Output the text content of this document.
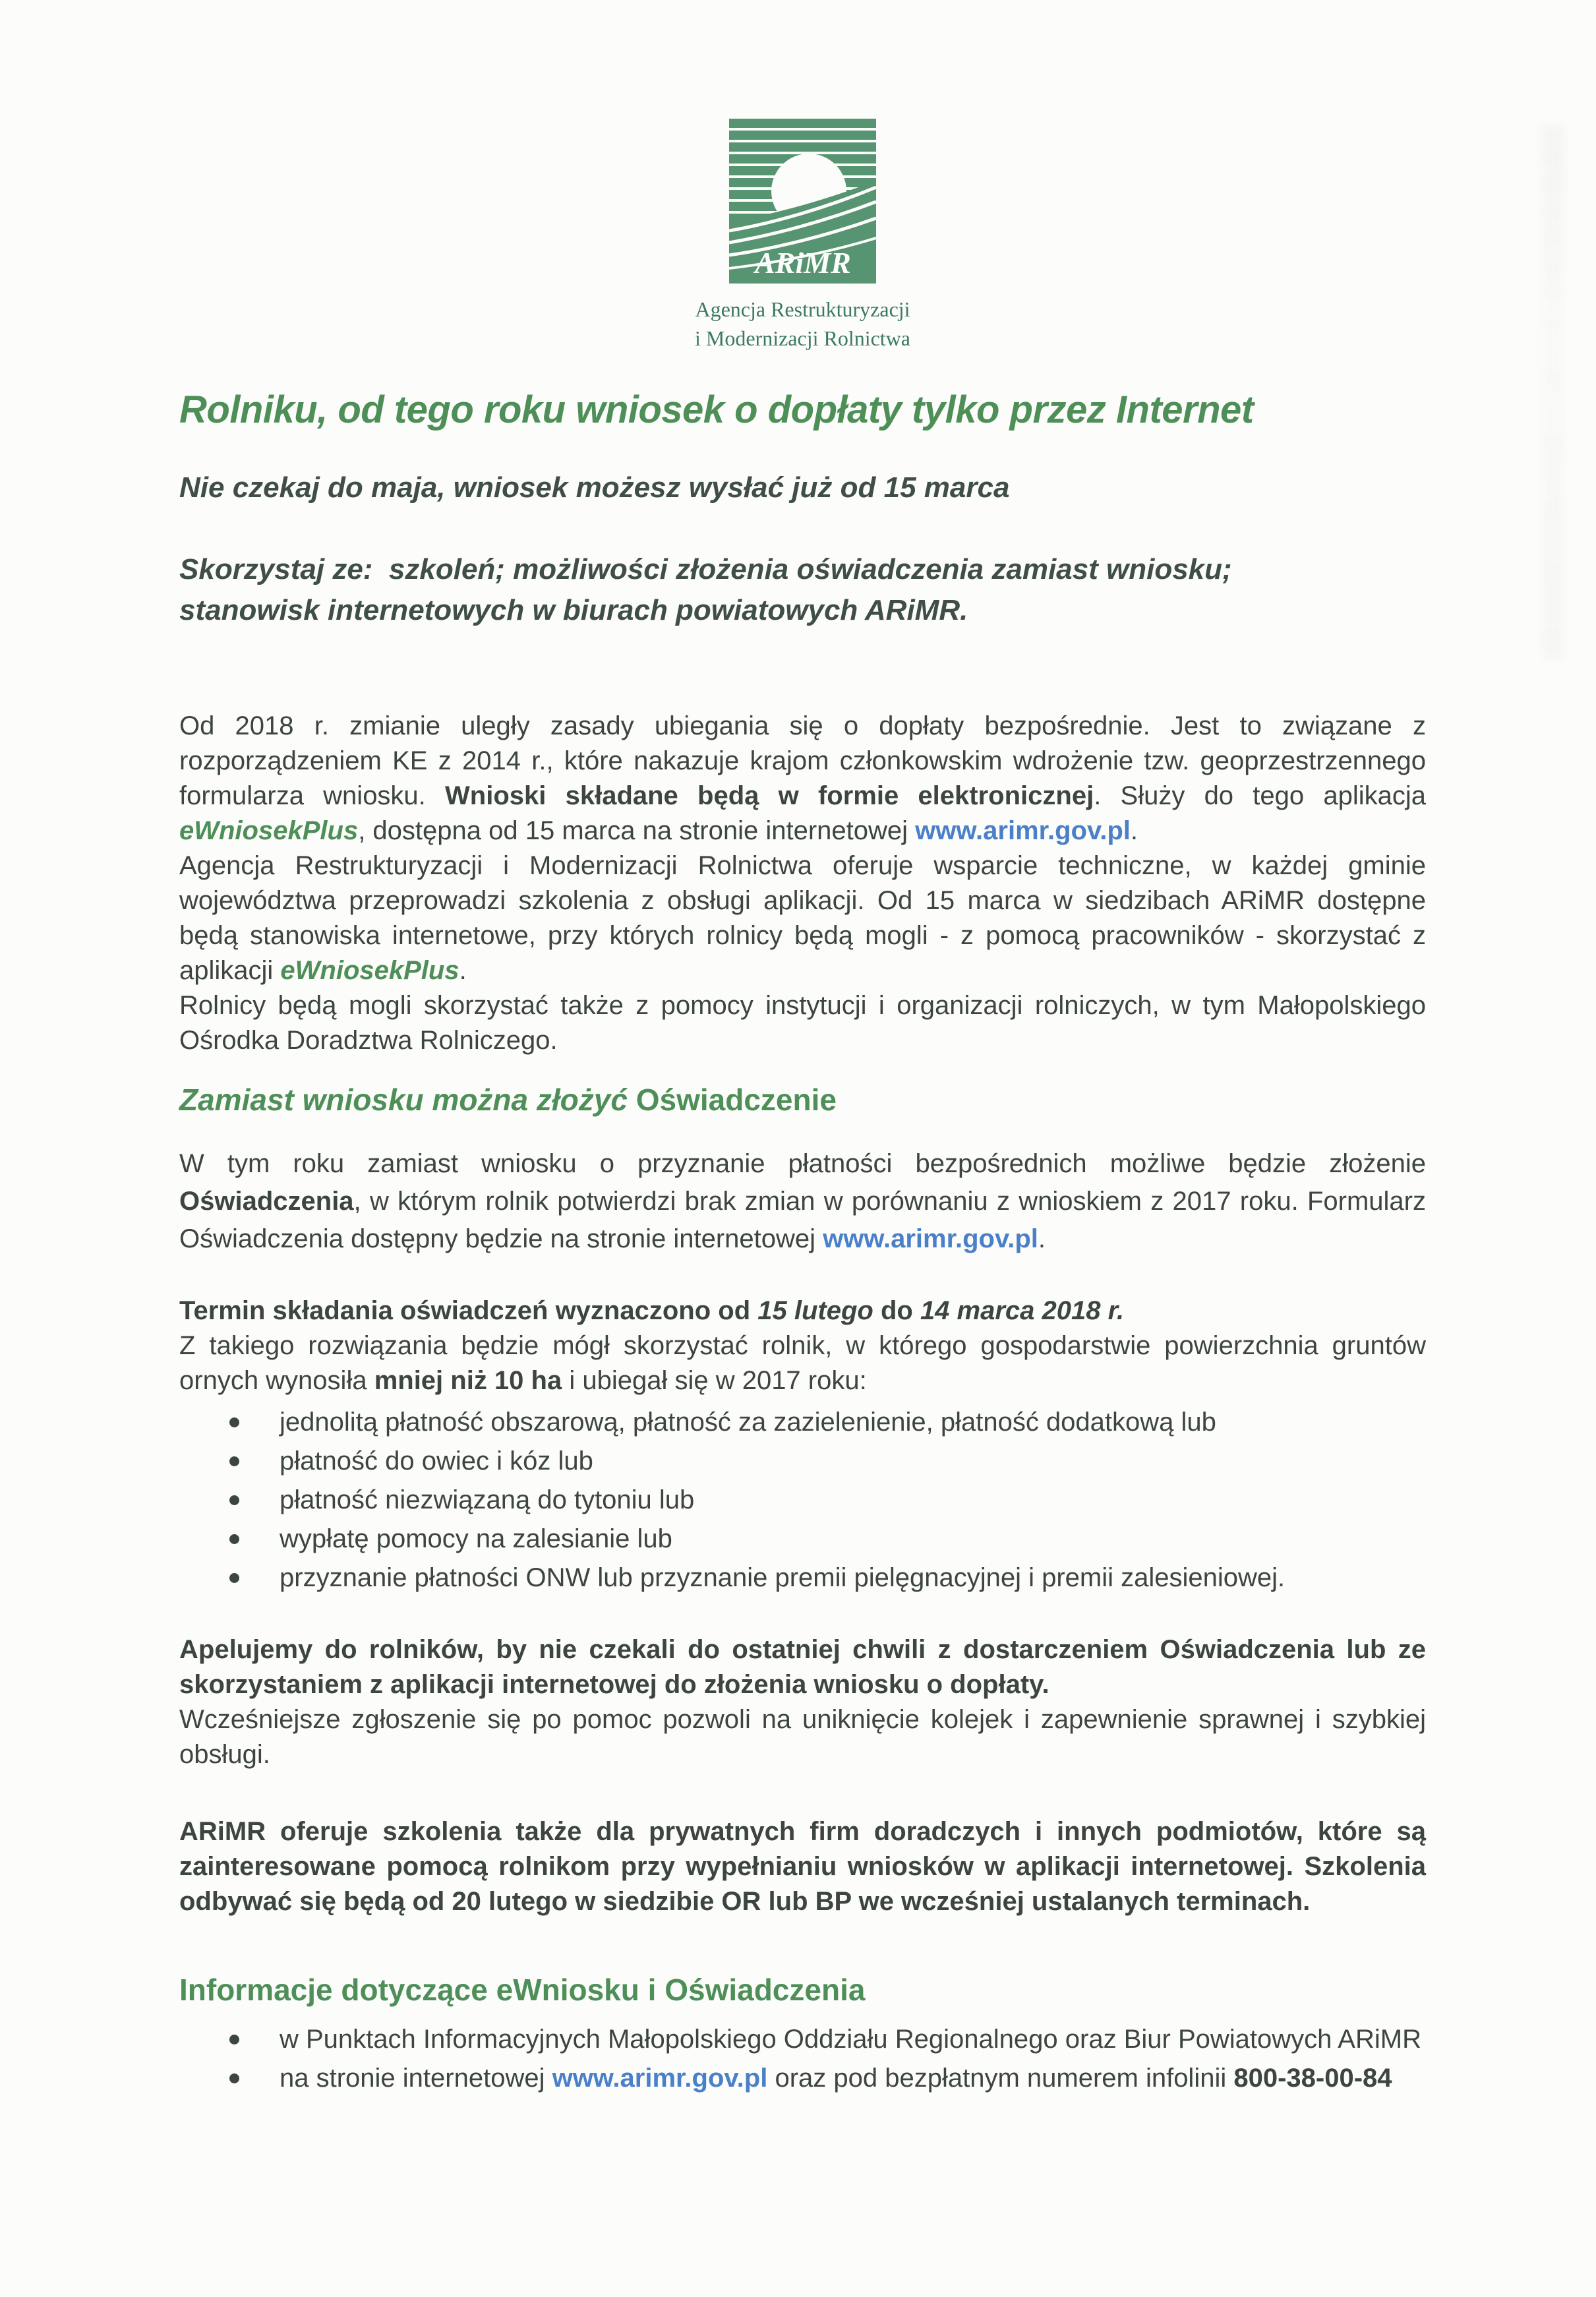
ARiMR
Agencja Restrukturyzacji
i Modernizacji Rolnictwa
Rolniku, od tego roku wniosek o dopłaty tylko przez Internet

Nie czekaj do maja, wniosek możesz wysłać już od 15 marca

Skorzystaj ze:  szkoleń; możliwości złożenia oświadczenia zamiast wniosku;
stanowisk internetowych w biurach powiatowych ARiMR.

Od 2018 r. zmianie uległy zasady ubiegania się o dopłaty bezpośrednie. Jest to związane z rozporządzeniem KE z 2014 r., które nakazuje krajom członkowskim wdrożenie tzw. geoprzestrzennego formularza wniosku. Wnioski składane będą w formie elektronicznej. Służy do tego aplikacja eWniosekPlus, dostępna od 15 marca na stronie internetowej www.arimr.gov.pl.

Agencja Restrukturyzacji i Modernizacji Rolnictwa oferuje wsparcie techniczne, w każdej gminie województwa przeprowadzi szkolenia z obsługi aplikacji. Od 15 marca w siedzibach ARiMR dostępne będą stanowiska internetowe, przy których rolnicy będą mogli - z pomocą pracowników - skorzystać z aplikacji eWniosekPlus.

Rolnicy będą mogli skorzystać także z pomocy instytucji i organizacji rolniczych, w tym Małopolskiego Ośrodka Doradztwa Rolniczego.

Zamiast wniosku można złożyć Oświadczenie

W tym roku zamiast wniosku o przyznanie płatności bezpośrednich możliwe będzie złożenie Oświadczenia, w którym rolnik potwierdzi brak zmian w porównaniu z wnioskiem z 2017 roku. Formularz Oświadczenia dostępny będzie na stronie internetowej www.arimr.gov.pl.

Termin składania oświadczeń wyznaczono od 15 lutego do 14 marca 2018 r.

Z takiego rozwiązania będzie mógł skorzystać rolnik, w którego gospodarstwie powierzchnia gruntów ornych wynosiła mniej niż 10 ha i ubiegał się w 2017 roku:

jednolitą płatność obszarową, płatność za zazielenienie, płatność dodatkową lub
płatność do owiec i kóz lub
płatność niezwiązaną do tytoniu lub
wypłatę pomocy na zalesianie lub
przyznanie płatności ONW lub przyznanie premii pielęgnacyjnej i premii zalesieniowej.

Apelujemy do rolników, by nie czekali do ostatniej chwili z dostarczeniem Oświadczenia lub ze skorzystaniem z aplikacji internetowej do złożenia wniosku o dopłaty.
Wcześniejsze zgłoszenie się po pomoc pozwoli na uniknięcie kolejek i zapewnienie sprawnej i szybkiej obsługi.

ARiMR oferuje szkolenia także dla prywatnych firm doradczych i innych podmiotów, które są zainteresowane pomocą rolnikom przy wypełnianiu wniosków w aplikacji internetowej. Szkolenia odbywać się będą od 20 lutego w siedzibie OR lub BP we wcześniej ustalanych terminach.

Informacje dotyczące eWniosku i Oświadczenia
w Punktach Informacyjnych Małopolskiego Oddziału Regionalnego oraz Biur Powiatowych ARiMR
na stronie internetowej www.arimr.gov.pl oraz pod bezpłatnym numerem infolinii 800-38-00-84
